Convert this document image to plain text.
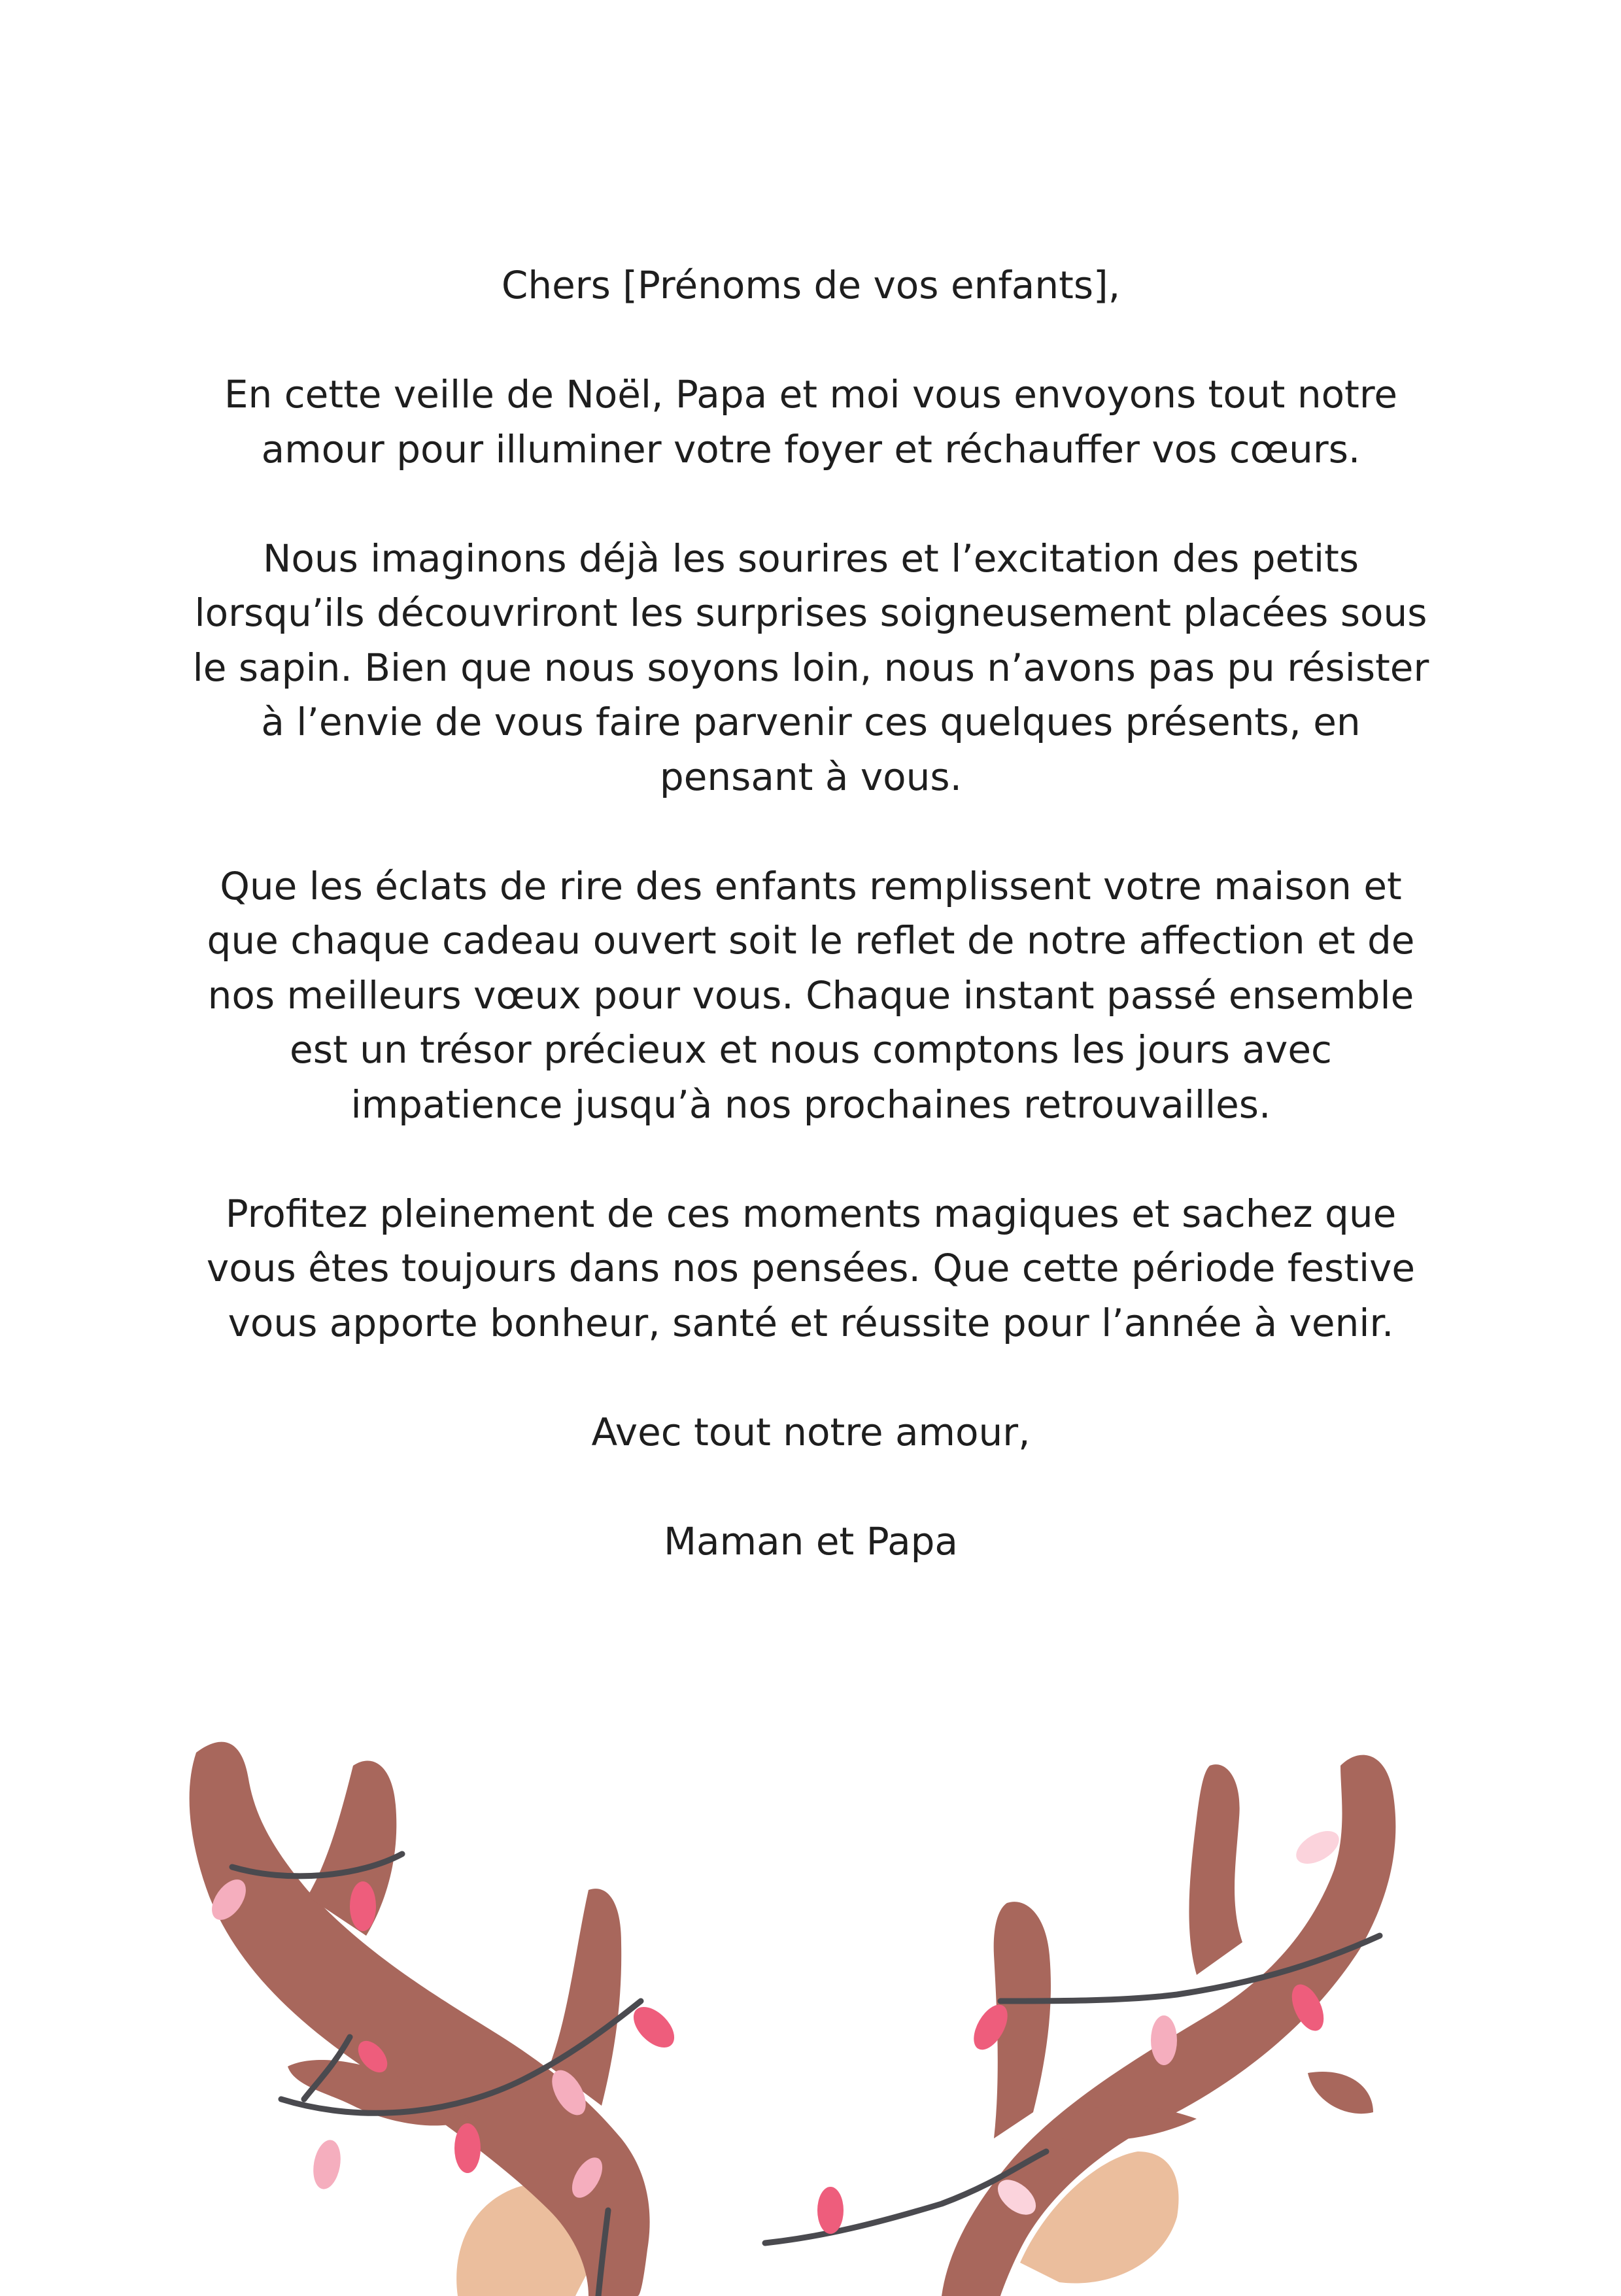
Chers [Prénoms de vos enfants],

En cette veille de Noël, Papa et moi vous envoyons tout notre amour pour illuminer votre foyer et réchauffer vos cœurs.

Nous imaginons déjà les sourires et l’excitation des petits lorsqu’ils découvriront les surprises soigneusement placées sous le sapin. Bien que nous soyons loin, nous n’avons pas pu résister à l’envie de vous faire parvenir ces quelques présents, en pensant à vous.

Que les éclats de rire des enfants remplissent votre maison et que chaque cadeau ouvert soit le reflet de notre affection et de nos meilleurs vœux pour vous. Chaque instant passé ensemble est un trésor précieux et nous comptons les jours avec impatience jusqu’à nos prochaines retrouvailles.

Profitez pleinement de ces moments magiques et sachez que vous êtes toujours dans nos pensées. Que cette période festive vous apporte bonheur, santé et réussite pour l’année à venir.

Avec tout notre amour,

Maman et Papa
